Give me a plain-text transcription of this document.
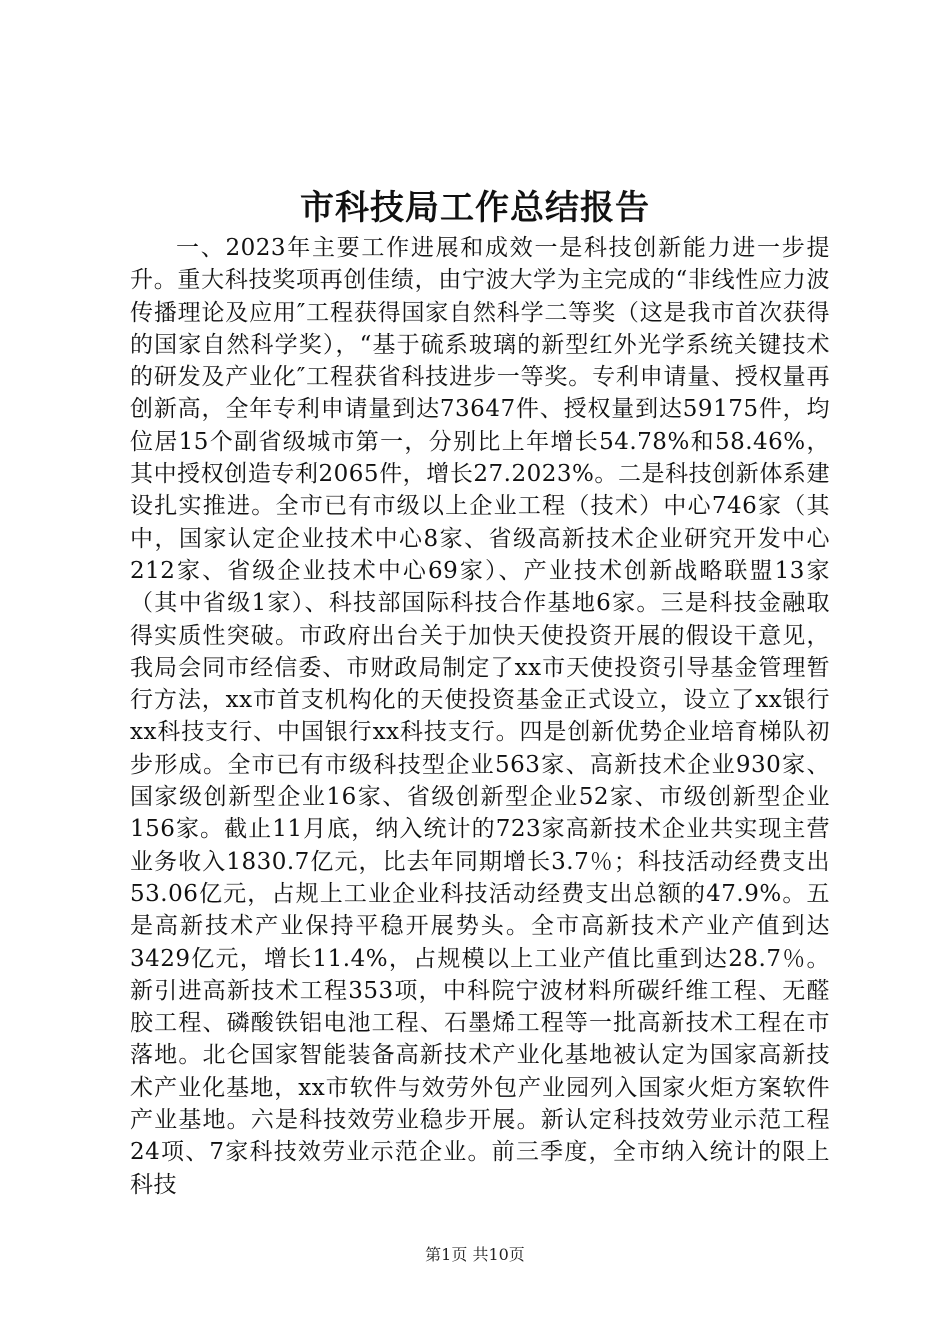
市科技局工作总结报告

一、2023年主要工作进展和成效一是科技创新能力进一步提升。重大科技奖项再创佳绩，由宁波大学为主完成的“非线性应力波传播理论及应用″工程获得国家自然科学二等奖（这是我市首次获得的国家自然科学奖），“基于硫系玻璃的新型红外光学系统关键技术的研发及产业化″工程获省科技进步一等奖。专利申请量、授权量再创新高，全年专利申请量到达73647件、授权量到达59175件，均位居15个副省级城市第一，分别比上年增长54.78%和58.46%，其中授权创造专利2065件，增长27.2023%。二是科技创新体系建设扎实推进。全市已有市级以上企业工程（技术）中心746家（其中，国家认定企业技术中心8家、省级高新技术企业研究开发中心212家、省级企业技术中心69家）、产业技术创新战略联盟13家（其中省级1家）、科技部国际科技合作基地6家。三是科技金融取得实质性突破。市政府出台关于加快天使投资开展的假设干意见，我局会同市经信委、市财政局制定了xx市天使投资引导基金管理暂行方法，xx市首支机构化的天使投资基金正式设立，设立了xx银行xx科技支行、中国银行xx科技支行。四是创新优势企业培育梯队初步形成。全市已有市级科技型企业563家、高新技术企业930家、国家级创新型企业16家、省级创新型企业52家、市级创新型企业156家。截止11月底，纳入统计的723家高新技术企业共实现主营业务收入1830.7亿元，比去年同期增长3.7％；科技活动经费支出53.06亿元，占规上工业企业科技活动经费支出总额的47.9%。五是高新技术产业保持平稳开展势头。全市高新技术产业产值到达3429亿元，增长11.4%，占规模以上工业产值比重到达28.7％。新引进高新技术工程353项，中科院宁波材料所碳纤维工程、无醛胶工程、磷酸铁铝电池工程、石墨烯工程等一批高新技术工程在市落地。北仑国家智能装备高新技术产业化基地被认定为国家高新技术产业化基地，xx市软件与效劳外包产业园列入国家火炬方案软件产业基地。六是科技效劳业稳步开展。新认定科技效劳业示范工程24项、7家科技效劳业示范企业。前三季度，全市纳入统计的限上科技

第1页 共10页
